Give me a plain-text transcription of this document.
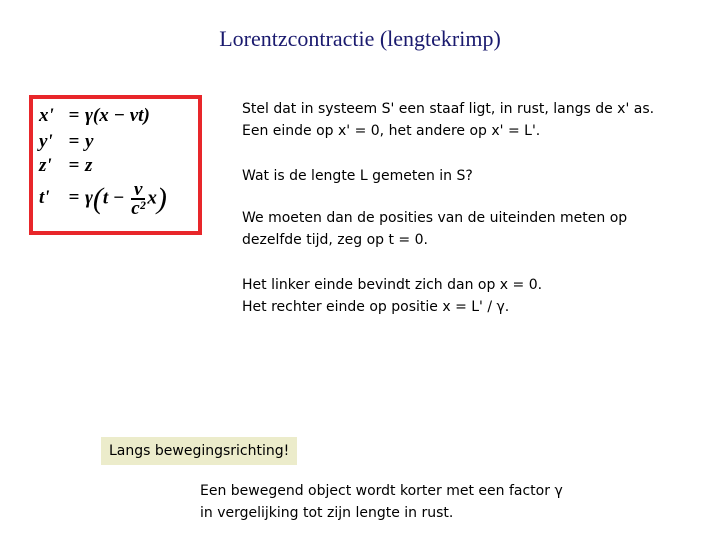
Lorentzcontractie (lengtekrimp)
x' = γ(x − vt)
y' = y
z' = z
$t' = \gamma(t - \frac{v}{\text{c²}} x)$

Stel dat in systeem S' een staaf ligt, in rust, langs de x' as.

Een einde op x' = 0, het andere op x' = L'.

Wat is de lengte L gemeten in S?

We moeten dan de posities van de uiteinden meten op

dezelfde tijd, zeg op t = 0.

Het linker einde bevindt zich dan op x = 0.

Het rechter einde op positie x = L' / γ.

Langs bewegingsrichting!

Een bewegend object wordt korter met een factor γ

in vergelijking tot zijn lengte in rust.
